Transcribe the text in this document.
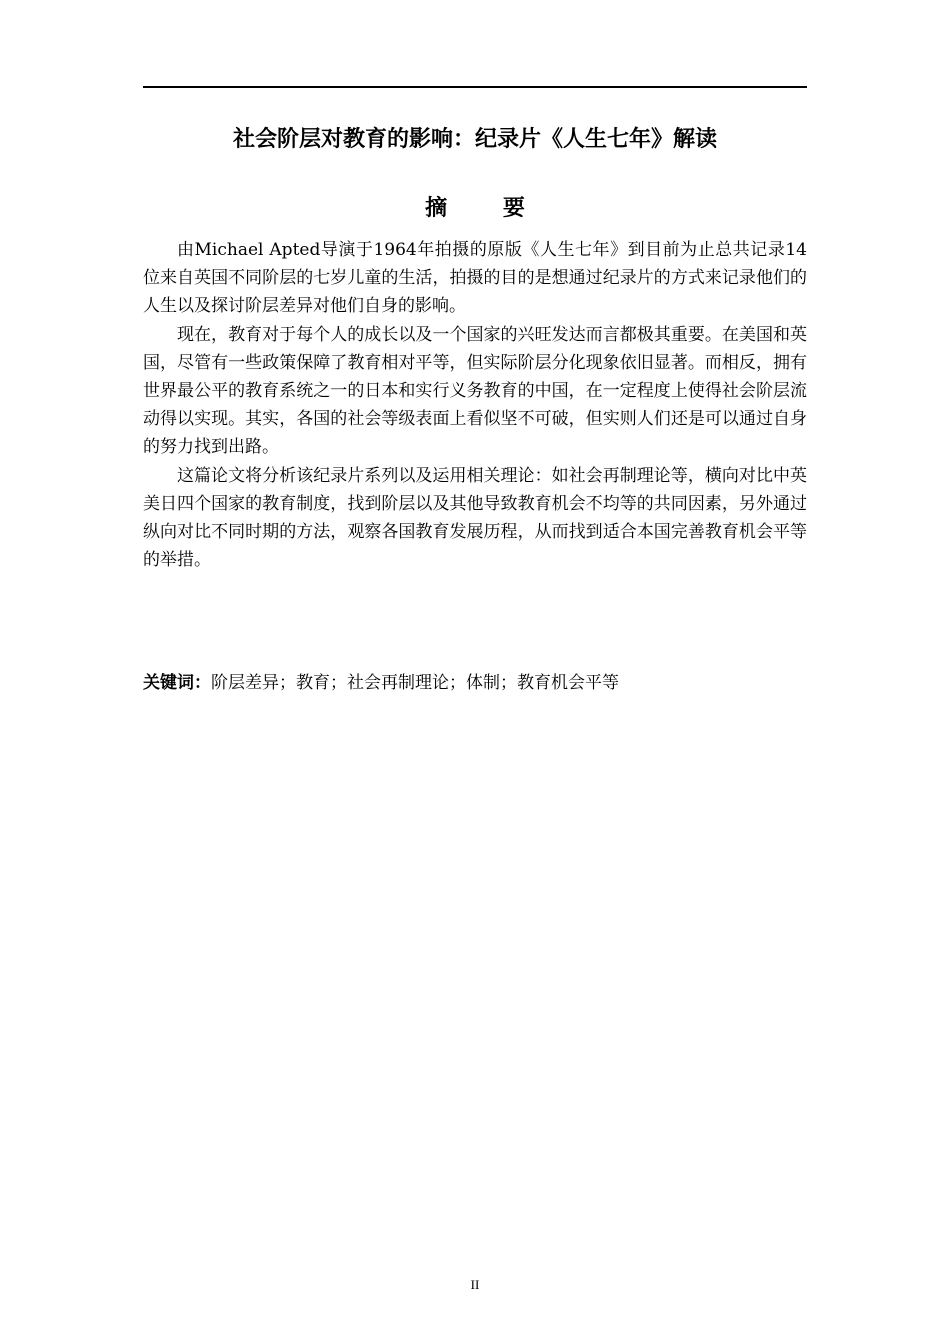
社会阶层对教育的影响：纪录片《人生七年》解读
摘 要

由Michael Apted导演于1964年拍摄的原版《人生七年》到目前为止总共记录14位来自英国不同阶层的七岁儿童的生活，拍摄的目的是想通过纪录片的方式来记录他们的人生以及探讨阶层差异对他们自身的影响。

现在，教育对于每个人的成长以及一个国家的兴旺发达而言都极其重要。在美国和英国，尽管有一些政策保障了教育相对平等，但实际阶层分化现象依旧显著。而相反，拥有世界最公平的教育系统之一的日本和实行义务教育的中国，在一定程度上使得社会阶层流动得以实现。其实，各国的社会等级表面上看似坚不可破，但实则人们还是可以通过自身的努力找到出路。

这篇论文将分析该纪录片系列以及运用相关理论：如社会再制理论等，横向对比中英美日四个国家的教育制度，找到阶层以及其他导致教育机会不均等的共同因素，另外通过纵向对比不同时期的方法，观察各国教育发展历程，从而找到适合本国完善教育机会平等的举措。

关键词：阶层差异；教育；社会再制理论；体制；教育机会平等

II
